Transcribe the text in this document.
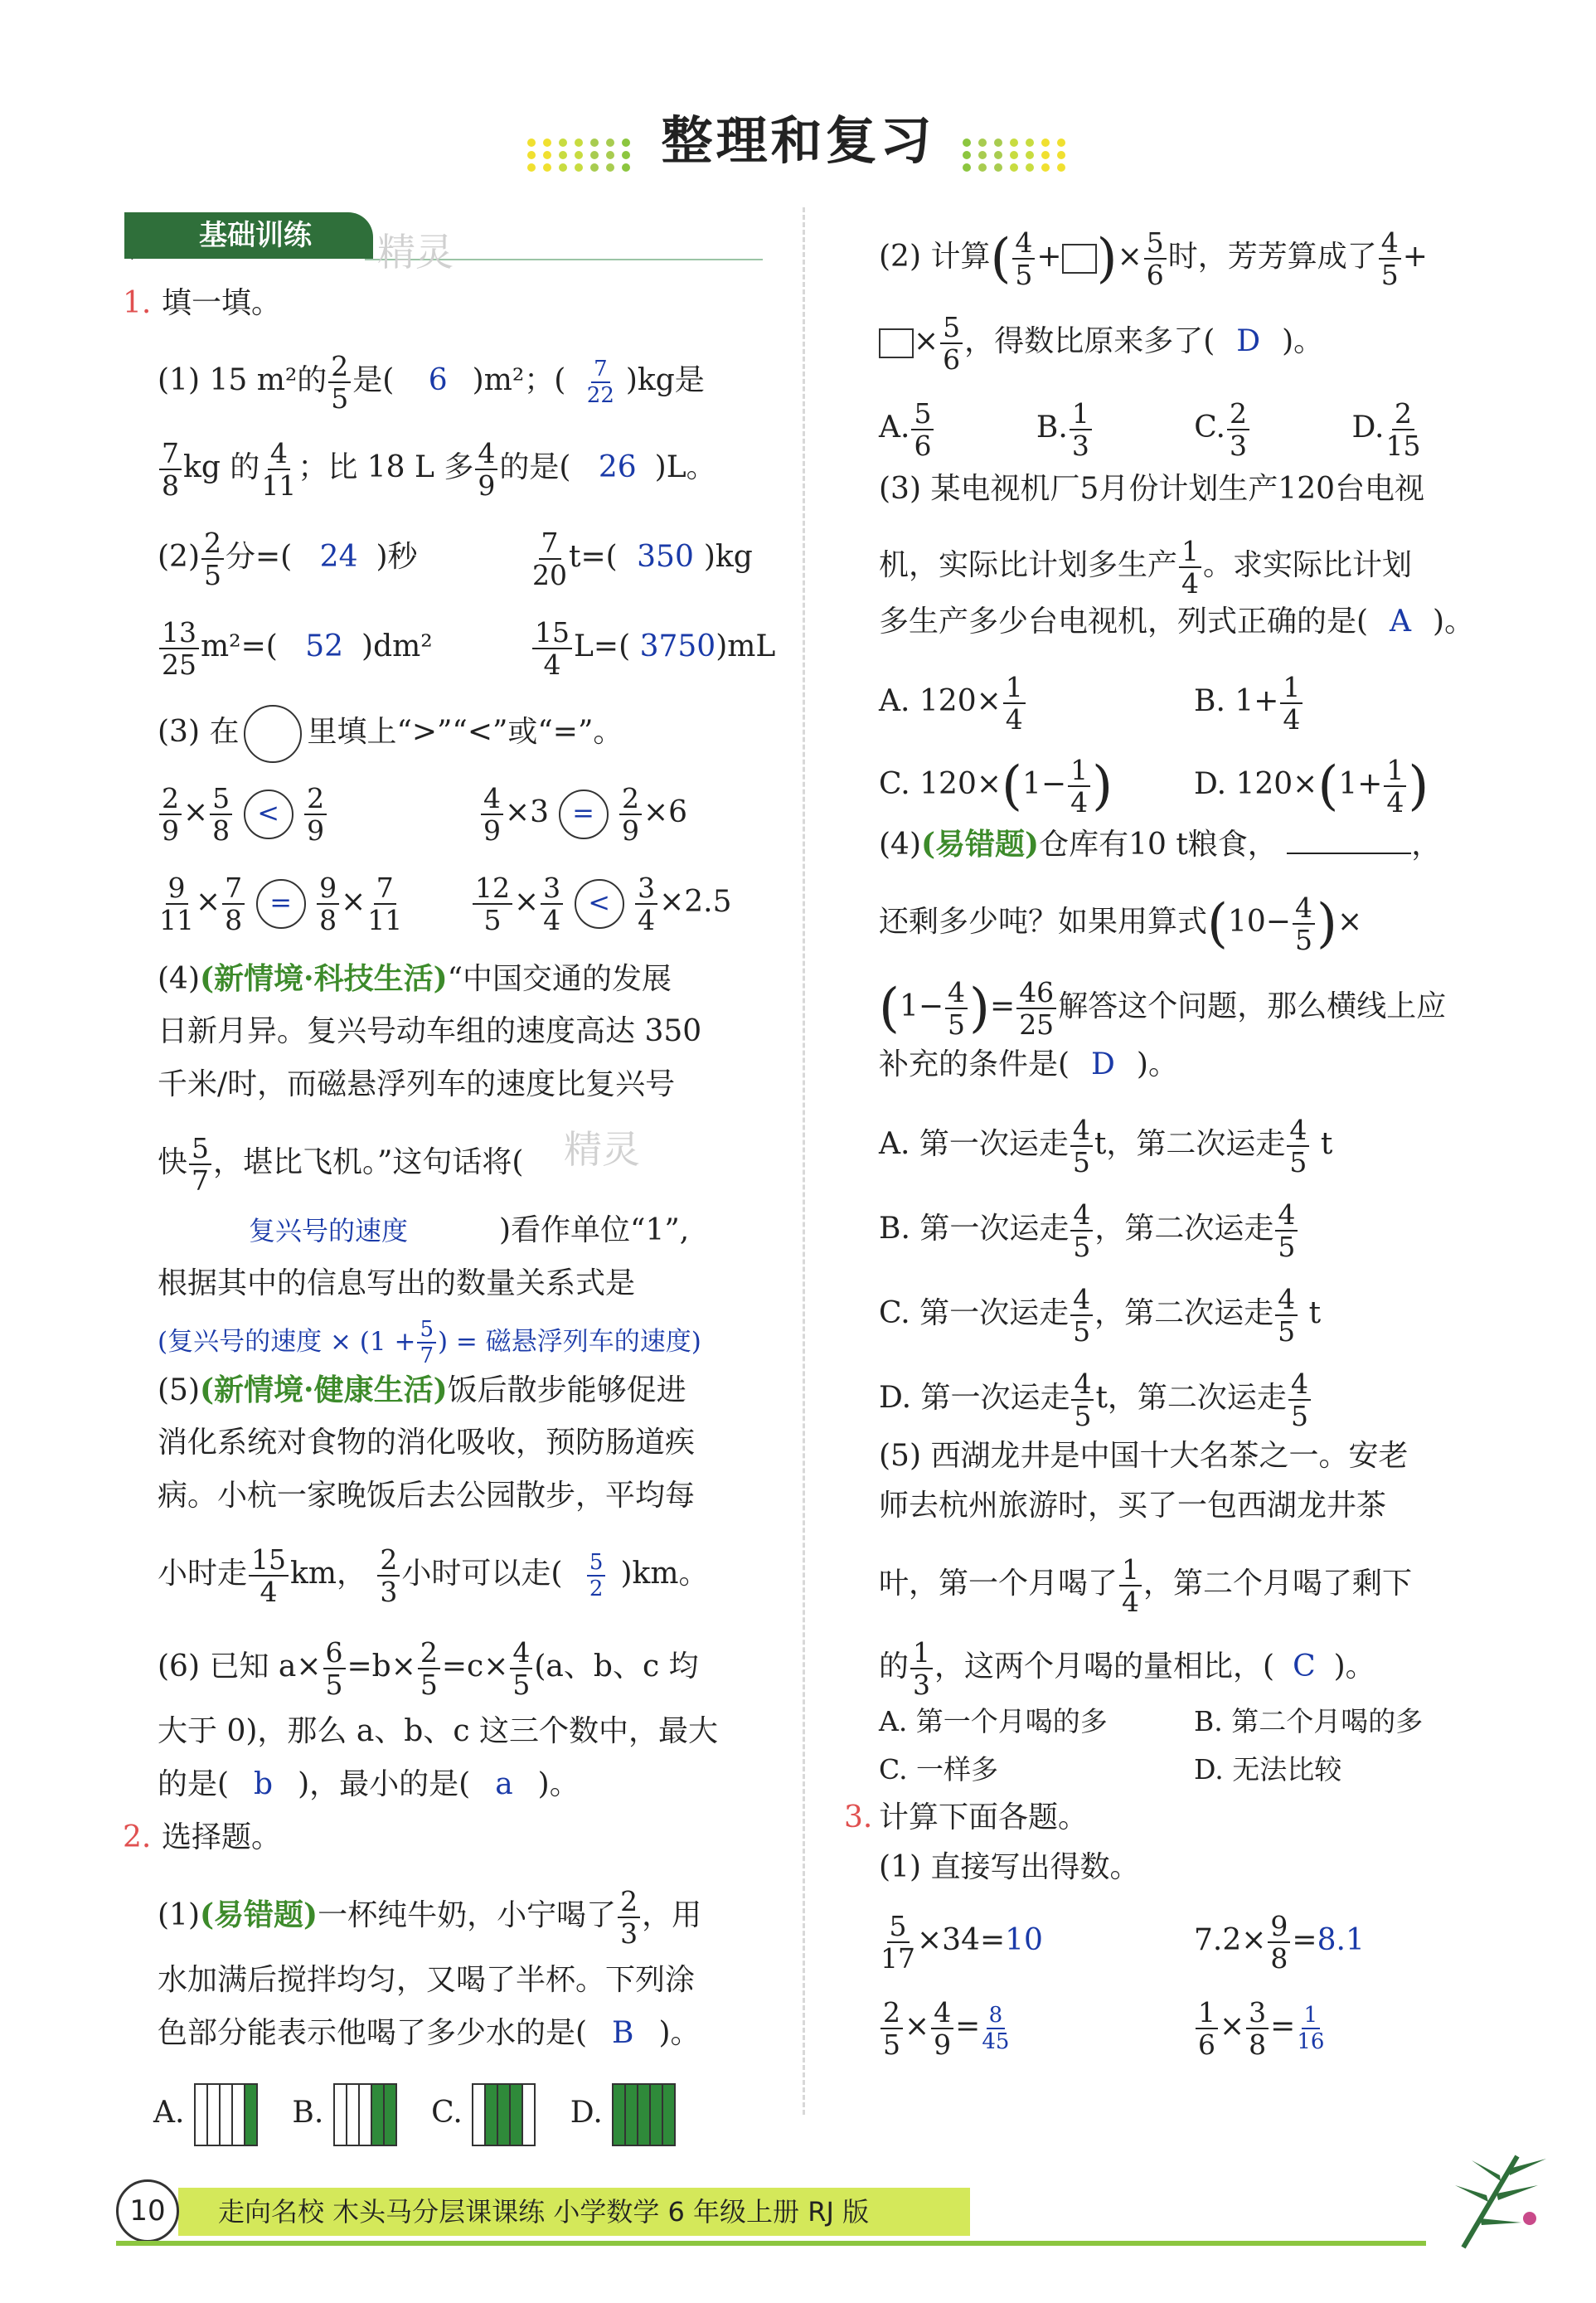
整理和复习
基础训练
1. 填一填。
(1) 15 m²的 $\frac{2}{5}$ 是( 6 )m²；( $\frac{7}{22} )kg$是
$\frac{7}{8}$ kg 的 $\frac{4}{11}$ ；比 18 L 多 $\frac{4}{9}$ 的是( 26 )L。
$(2) \frac{2}{5}$ 分=( 24 )秒	$\frac{7}{20} t=$( 350 )kg
$\frac{13}{25} m^2=$( 52 )dm²	$\frac{15}{4} L=$( 3750)mL
(3) 在 里填上“>”“<”或“=”。
$\frac{2}{9} \times \frac{5}{8} < \frac{2}{9}$	$\frac{4}{9} \times 3 = \frac{2}{9} \times 6$
$\frac{9}{11} \times \frac{7}{8} = \frac{9}{8} \times \frac{7}{11}$	$\frac{12}{5} \times \frac{3}{4} < \frac{3}{4} \times 2.5$
(4)(新情境·科技生活)“中国交通的发展
日新月异。复兴号动车组的速度高达 350
千米/时，而磁悬浮列车的速度比复兴号
快 $\frac{5}{7}$ ，堪比飞机。”这句话将(
复兴号的速度	)看作单位“1”,
根据其中的信息写出的数量关系式是
(复兴号的速度 × ($1 + \frac{5}{7}$ ) = 磁悬浮列车的速度)
(5)(新情境·健康生活)饭后散步能够促进
消化系统对食物的消化吸收，预防肠道疾
病。小杭一家晚饭后去公园散步，平均每
小时走 $\frac{15}{4}$ km， $\frac{2}{3}$ 小时可以走( $\frac{5}{2} )km$。
(6) 已知 $a\times \frac{6}{5} =b\times \frac{2}{5} =c\times \frac{4}{5} (a$、b、c 均
大于 0)，那么 a、b、c 这三个数中，最大
的是( b )，最小的是( a )。
2. 选择题。
(1)(易错题)一杯纯牛奶，小宁喝了 $\frac{2}{3}$ ，用
水加满后搅拌均匀，又喝了半杯。下列涂
色部分能表示他喝了多少水的是( B )。
A.	B.	C.	D.
(2) 计算( $\frac{4}{5}$ + )× $\frac{5}{6}$ 时，芳芳算成了 $\frac{4}{5}$ +
× $\frac{5}{6}$ ，得数比原来多了( D )。
A. $\frac{5}{6}$	B. $\frac{1}{3}$	C. $\frac{2}{3}$	D. $\frac{2}{15}$
(3) 某电视机厂5月份计划生产120台电视
机，实际比计划多生产 $\frac{1}{4}$ 。求实际比计划
多生产多少台电视机，列式正确的是( A )。
A. $120\times \frac{1}{4}$	B. $1+ \frac{1}{4}$
C. $120\times(1- \frac{1}{4}$ )	D. $120\times(1+ \frac{1}{4}$ )
(4)(易错题)仓库有10 t粮食，	，
还剩多少吨？如果用算式($10- \frac{4}{5}$ )×
($1- \frac{4}{5}$ )= $\frac{46}{25}$ 解答这个问题，那么横线上应
补充的条件是( D )。
A. 第一次运走 $\frac{4}{5}$ t，第二次运走 $\frac{4}{5}$ t
B. 第一次运走 $\frac{4}{5}$ ，第二次运走 $\frac{4}{5}$
C. 第一次运走 $\frac{4}{5}$ ，第二次运走 $\frac{4}{5}$ t
D. 第一次运走 $\frac{4}{5}$ t，第二次运走 $\frac{4}{5}$
(5) 西湖龙井是中国十大名茶之一。安老
师去杭州旅游时，买了一包西湖龙井茶
叶，第一个月喝了 $\frac{1}{4}$ ，第二个月喝了剩下
的 $\frac{1}{3}$ ，这两个月喝的量相比，( C )。
A. 第一个月喝的多	B. 第二个月喝的多
C. 一样多	D. 无法比较
3. 计算下面各题。
(1) 直接写出得数。
$\frac{5}{17} \times 34=10$	$7.2\times \frac{9}{8} =8.1$
$\frac{2}{5} \times \frac{4}{9} = \frac{8}{45}$	$\frac{1}{6} \times \frac{3}{8} = \frac{1}{16}$
精灵
精灵
走向名校 木头马分层课课练 小学数学 6 年级上册 RJ 版
10
